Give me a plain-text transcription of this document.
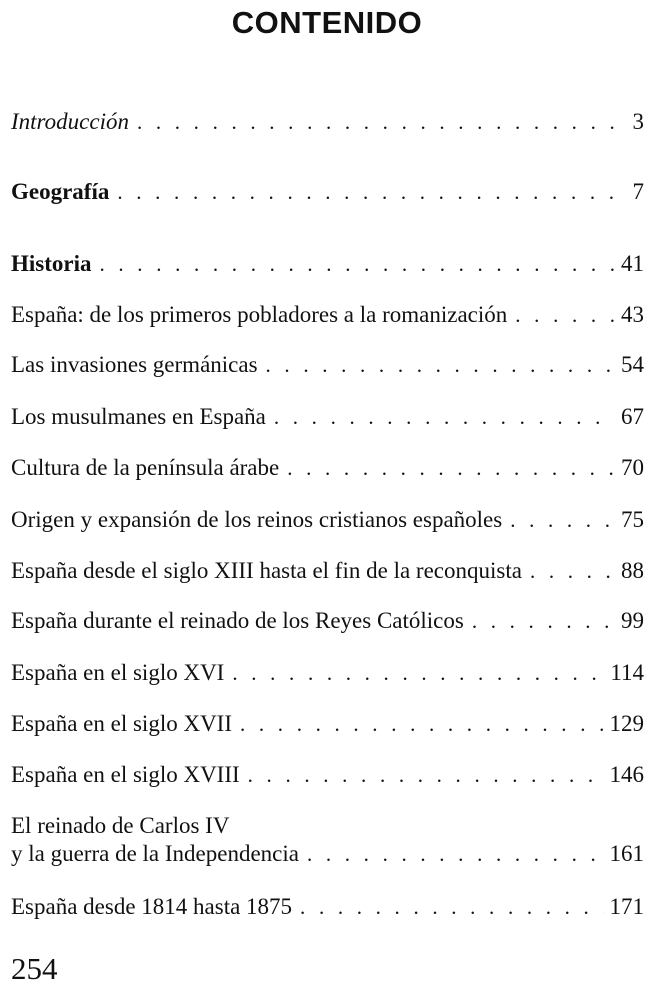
CONTENIDO
Introducción . . .	3
Geografía . . .	7
Historia . . .	41
España: de los primeros pobladores a la romanización . . .	43
Las invasiones germánicas . . .	54
Los musulmanes en España . . .	67
Cultura de la península árabe . . .	70
Origen y expansión de los reinos cristianos españoles . . .	75
España desde el siglo XIII hasta el fin de la reconquista . . .	88
España durante el reinado de los Reyes Católicos . . .	99
España en el siglo XVI . . .	114
España en el siglo XVII . . .	129
España en el siglo XVIII . . .	146
El reinado de Carlos IV
y la guerra de la Independencia . . .	161
España desde 1814 hasta 1875 . . .	171
254
